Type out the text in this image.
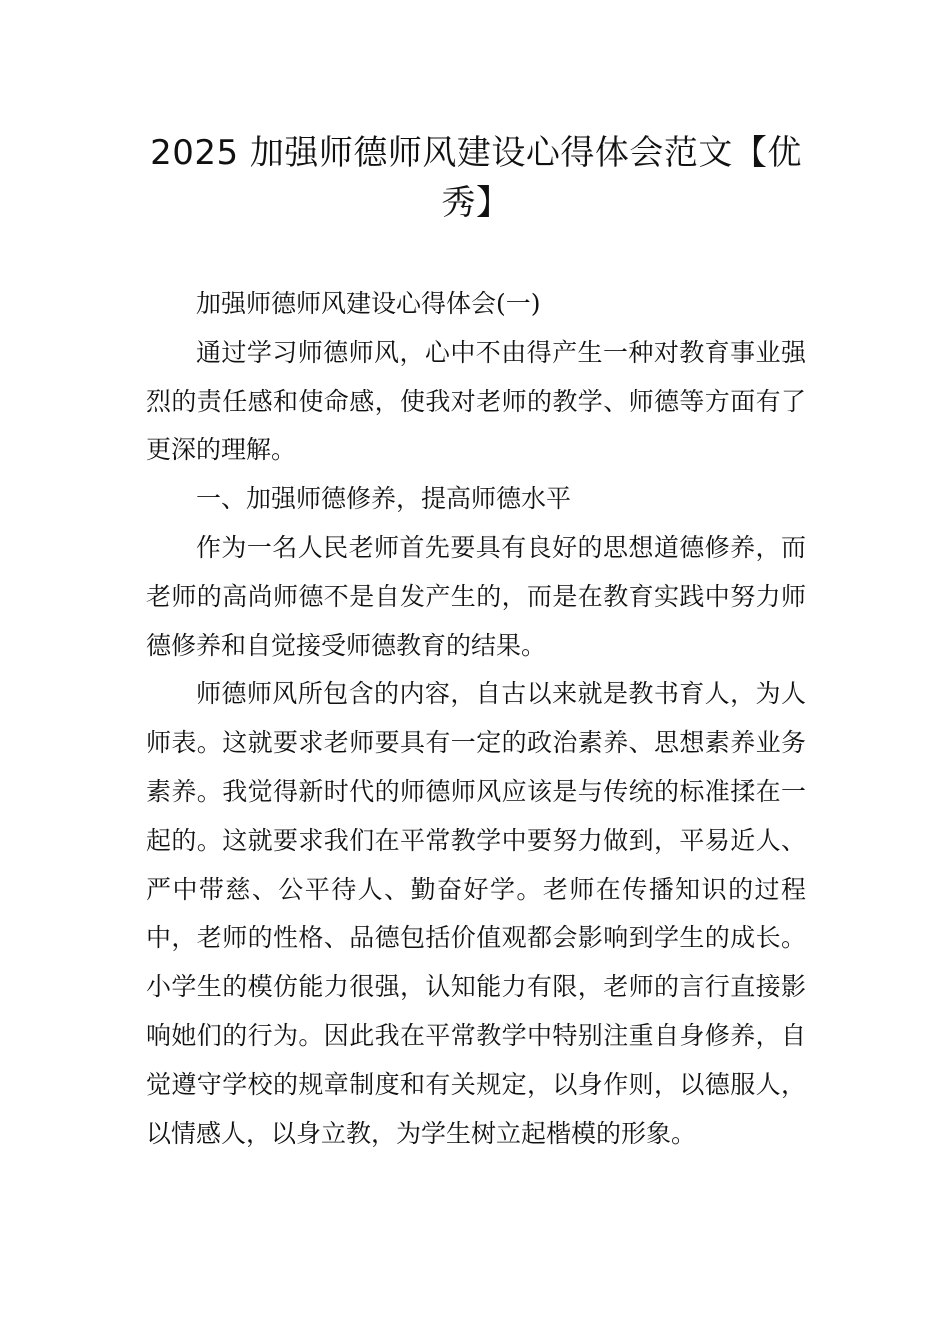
2025 加强师德师风建设心得体会范文【优
秀】

加强师德师风建设心得体会(一)

通过学习师德师风，心中不由得产生一种对教育事业强烈的责任感和使命感，使我对老师的教学、师德等方面有了更深的理解。

一、加强师德修养，提高师德水平

作为一名人民老师首先要具有良好的思想道德修养，而老师的高尚师德不是自发产生的，而是在教育实践中努力师德修养和自觉接受师德教育的结果。

师德师风所包含的内容，自古以来就是教书育人，为人师表。这就要求老师要具有一定的政治素养、思想素养业务素养。我觉得新时代的师德师风应该是与传统的标准揉在一起的。这就要求我们在平常教学中要努力做到，平易近人、严中带慈、公平待人、勤奋好学。老师在传播知识的过程中，老师的性格、品德包括价值观都会影响到学生的成长。小学生的模仿能力很强，认知能力有限，老师的言行直接影响她们的行为。因此我在平常教学中特别注重自身修养，自觉遵守学校的规章制度和有关规定，以身作则，以德服人，以情感人，以身立教，为学生树立起楷模的形象。
